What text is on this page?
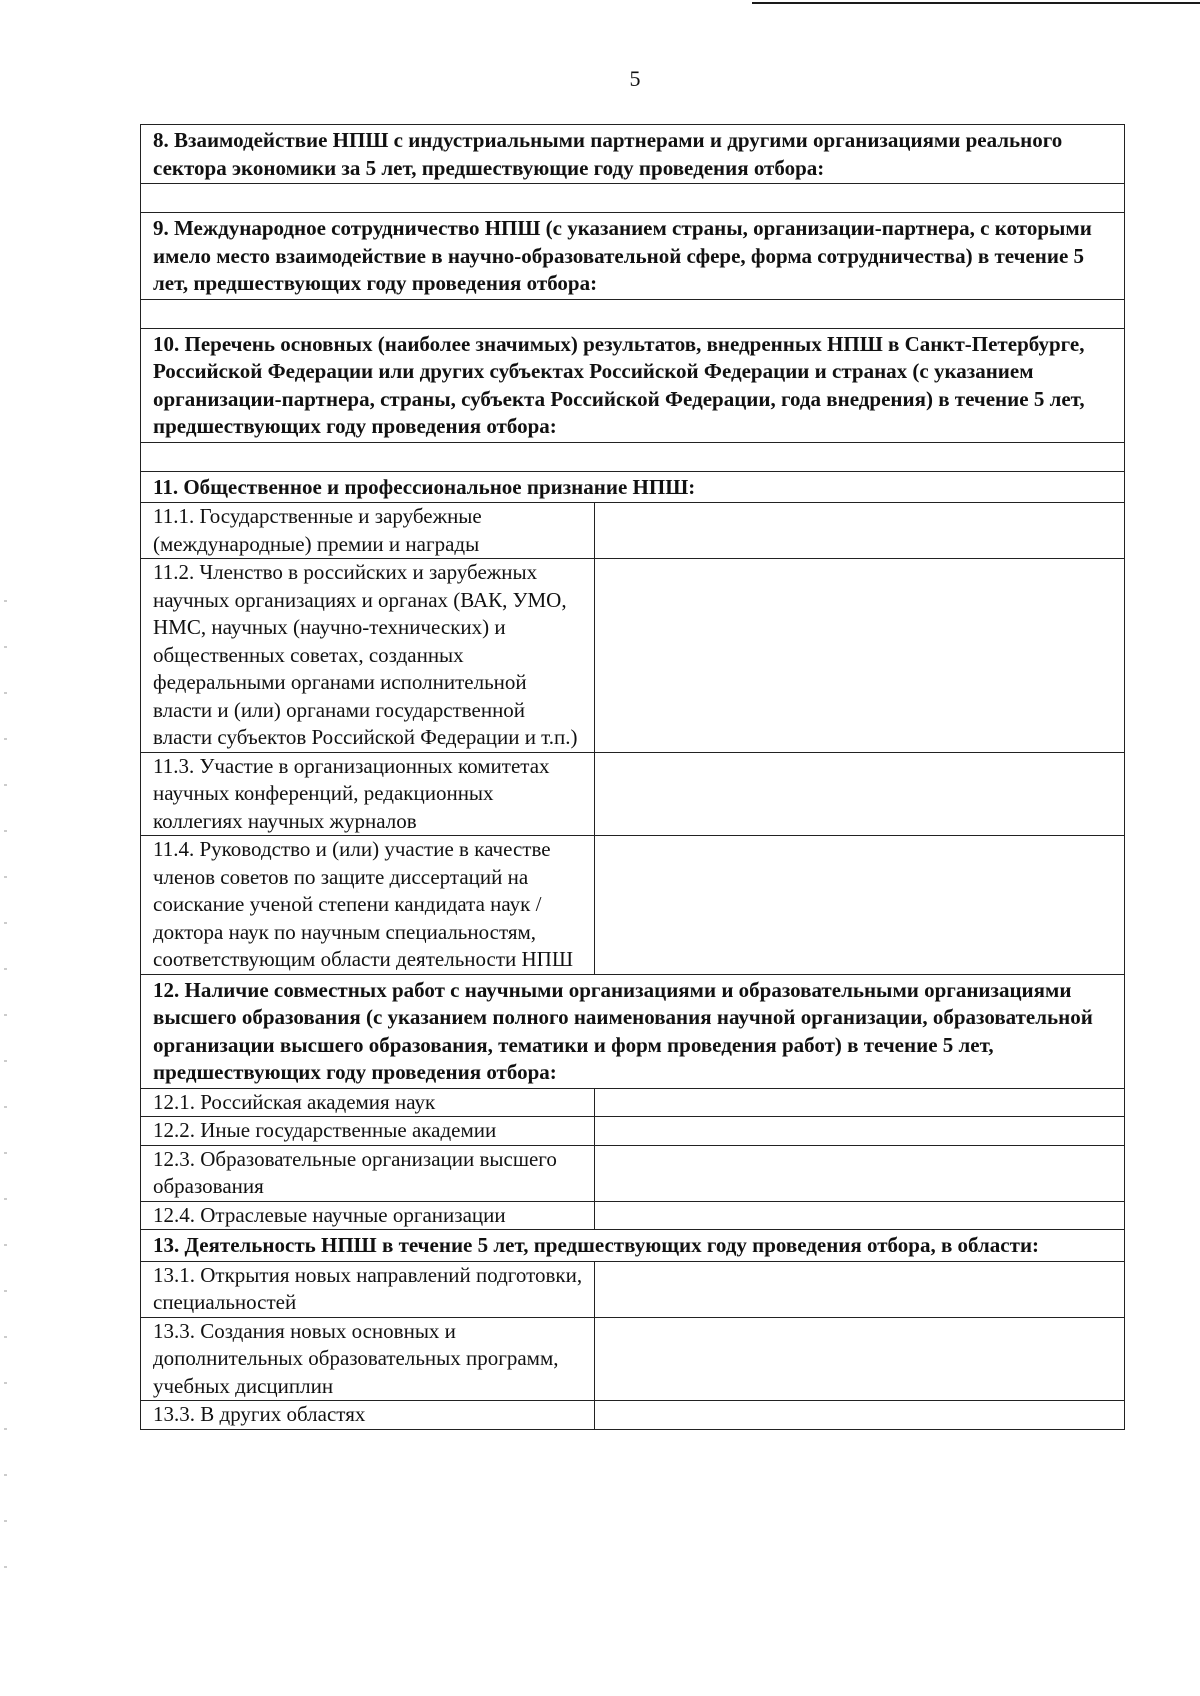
5
8. Взаимодействие НПШ с индустриальными партнерами и другими организациями реального сектора экономики за 5 лет, предшествующие году проведения отбора:	

9. Международное сотрудничество НПШ (с указанием страны, организации-партнера, с которыми имело место взаимодействие в научно-образовательной сфере, форма сотрудничества) в течение 5 лет, предшествующих году проведения отбора:	

10. Перечень основных (наиболее значимых) результатов, внедренных НПШ в Санкт-Петербурге, Российской Федерации или других субъектах Российской Федерации и странах (с указанием организации-партнера, страны, субъекта Российской Федерации, года внедрения) в течение 5 лет, предшествующих году проведения отбора:	

11. Общественное и профессиональное признание НПШ:	
11.1. Государственные и зарубежные (международные) премии и награды	
11.2. Членство в российских и зарубежных научных организациях и органах (ВАК, УМО, НМС, научных (научно-технических) и общественных советах, созданных федеральными органами исполнительной власти и (или) органами государственной власти субъектов Российской Федерации и т.п.)	
11.3. Участие в организационных комитетах научных конференций, редакционных коллегиях научных журналов	
11.4. Руководство и (или) участие в качестве членов советов по защите диссертаций на соискание ученой степени кандидата наук / доктора наук по научным специальностям, соответствующим области деятельности НПШ	
12. Наличие совместных работ с научными организациями и образовательными организациями высшего образования (с указанием полного наименования научной организации, образовательной организации высшего образования, тематики и форм проведения работ) в течение 5 лет, предшествующих году проведения отбора:	
12.1. Российская академия наук	
12.2. Иные государственные академии	
12.3. Образовательные организации высшего образования	
12.4. Отраслевые научные организации	
13. Деятельность НПШ в течение 5 лет, предшествующих году проведения отбора, в области:	
13.1. Открытия новых направлений подготовки, специальностей	
13.3. Создания новых основных и дополнительных образовательных программ, учебных дисциплин	
13.3. В других областях	
